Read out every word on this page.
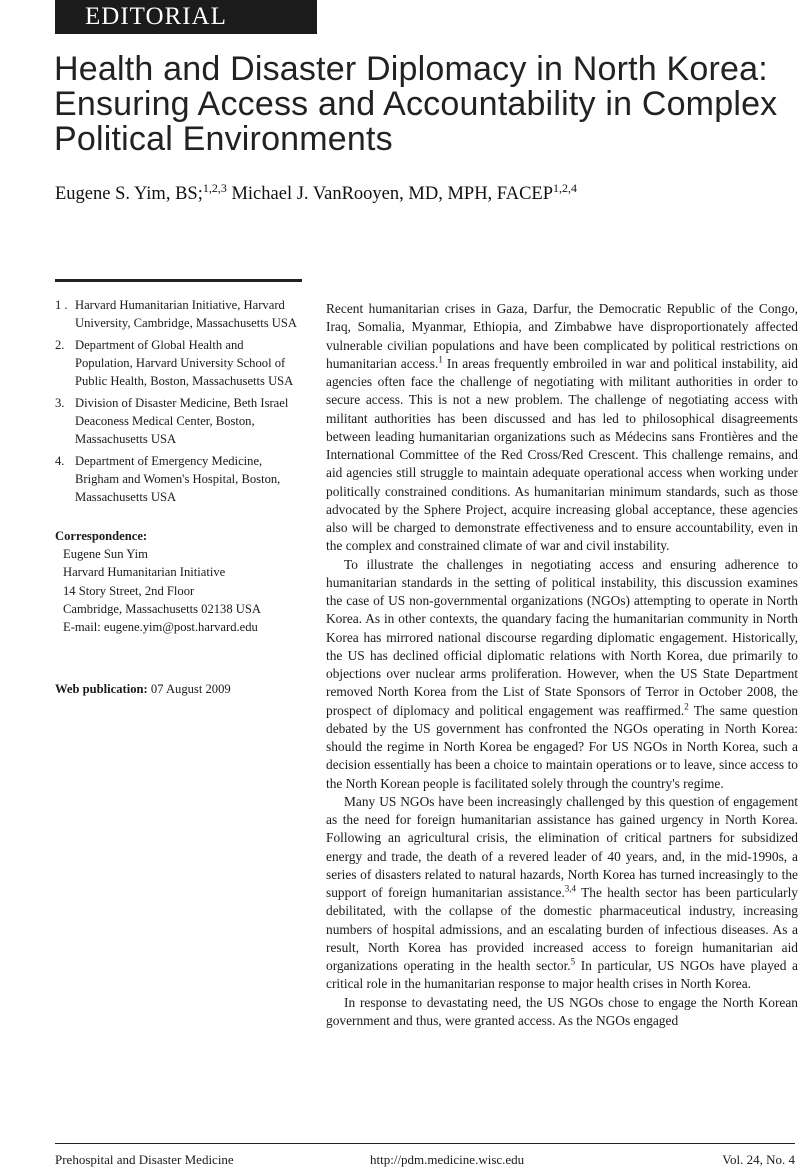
EDITORIAL
Health and Disaster Diplomacy in North Korea: Ensuring Access and Accountability in Complex Political Environments
Eugene S. Yim, BS;$^{1,2,3}$ Michael J. VanRooyen, MD, MPH, FACEP$^{1,2,4}$
1 . Harvard Humanitarian Initiative, Harvard University, Cambridge, Massachusetts USA
2. Department of Global Health and Population, Harvard University School of Public Health, Boston, Massachusetts USA
3. Division of Disaster Medicine, Beth Israel Deaconess Medical Center, Boston, Massachusetts USA
4. Department of Emergency Medicine, Brigham and Women's Hospital, Boston, Massachusetts USA
Correspondence:
Eugene Sun Yim
Harvard Humanitarian Initiative
14 Story Street, 2nd Floor
Cambridge, Massachusetts 02138 USA
E-mail: eugene.yim@post.harvard.edu
Web publication: 07 August 2009

Recent humanitarian crises in Gaza, Darfur, the Democratic Republic of the Congo, Iraq, Somalia, Myanmar, Ethiopia, and Zimbabwe have disproportionately affected vulnerable civilian populations and have been complicated by political restrictions on humanitarian access.$^1$ In areas frequently embroiled in war and political instability, aid agencies often face the challenge of negotiating with militant authorities in order to secure access. This is not a new problem. The challenge of negotiating access with militant authorities has been discussed and has led to philosophical disagreements between leading humanitarian organizations such as Médecins sans Frontières and the International Committee of the Red Cross/Red Crescent. This challenge remains, and aid agencies still struggle to maintain adequate operational access when working under politically constrained conditions. As humanitarian minimum standards, such as those advocated by the Sphere Project, acquire increasing global acceptance, these agencies also will be charged to demonstrate effectiveness and to ensure accountability, even in the complex and constrained climate of war and civil instability.

To illustrate the challenges in negotiating access and ensuring adherence to humanitarian standards in the setting of political instability, this discussion examines the case of US non-governmental organizations (NGOs) attempting to operate in North Korea. As in other contexts, the quandary facing the humanitarian community in North Korea has mirrored national discourse regarding diplomatic engagement. Historically, the US has declined official diplomatic relations with North Korea, due primarily to objections over nuclear arms proliferation. However, when the US State Department removed North Korea from the List of State Sponsors of Terror in October 2008, the prospect of diplomacy and political engagement was reaffirmed.$^2$ The same question debated by the US government has confronted the NGOs operating in North Korea: should the regime in North Korea be engaged? For US NGOs in North Korea, such a decision essentially has been a choice to maintain operations or to leave, since access to the North Korean people is facilitated solely through the country's regime.

Many US NGOs have been increasingly challenged by this question of engagement as the need for foreign humanitarian assistance has gained urgency in North Korea. Following an agricultural crisis, the elimination of critical partners for subsidized energy and trade, the death of a revered leader of 40 years, and, in the mid-1990s, a series of disasters related to natural hazards, North Korea has turned increasingly to the support of foreign humanitarian assistance.$^{3,4}$ The health sector has been particularly debilitated, with the collapse of the domestic pharmaceutical industry, increasing numbers of hospital admissions, and an escalating burden of infectious diseases. As a result, North Korea has provided increased access to foreign humanitarian aid organizations operating in the health sector.$^5$ In particular, US NGOs have played a critical role in the humanitarian response to major health crises in North Korea.

In response to devastating need, the US NGOs chose to engage the North Korean government and thus, were granted access. As the NGOs engaged

Prehospital and Disaster Medicine	http://pdm.medicine.wisc.edu	Vol. 24, No. 4
